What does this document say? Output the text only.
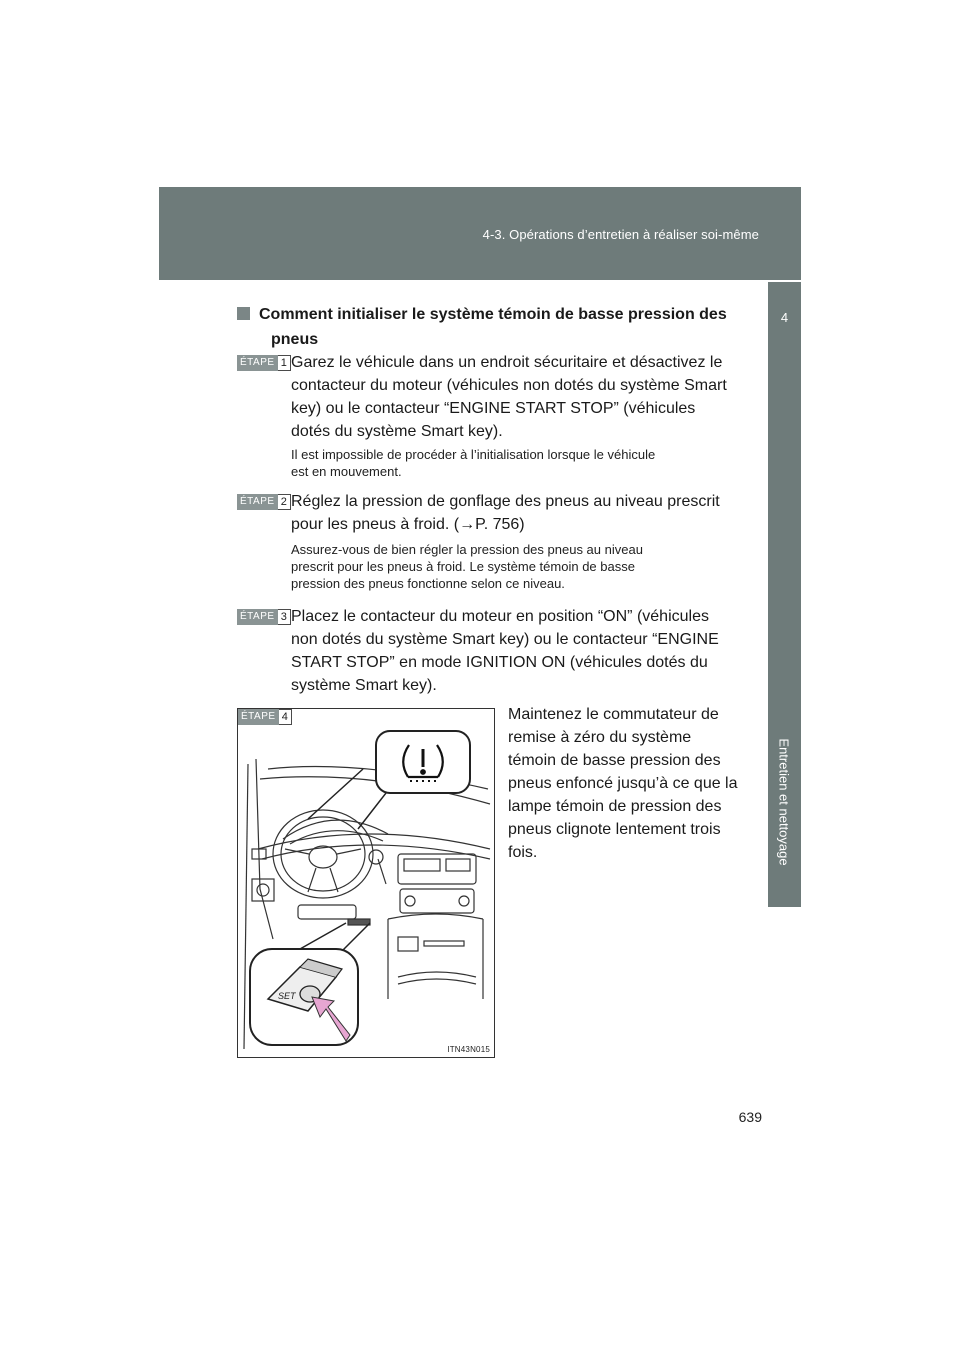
4-3. Opérations d’entretien à réaliser soi-même
4
Entretien et nettoyage
Comment initialiser le système témoin de basse pression des
pneus
ÉTAPE 1 Garez le véhicule dans un endroit sécuritaire et désactivez le
contacteur du moteur (véhicules non dotés du système Smart
key) ou le contacteur “ENGINE START STOP” (véhicules
dotés du système Smart key).
Il est impossible de procéder à l’initialisation lorsque le véhicule
est en mouvement.
ÉTAPE 2 Réglez la pression de gonflage des pneus au niveau prescrit
pour les pneus à froid. (→P. 756)
Assurez-vous de bien régler la pression des pneus au niveau
prescrit pour les pneus à froid. Le système témoin de basse
pression des pneus fonctionne selon ce niveau.
ÉTAPE 3 Placez le contacteur du moteur en position “ON” (véhicules
non dotés du système Smart key) ou le contacteur “ENGINE
START STOP” en mode IGNITION ON (véhicules dotés du
système Smart key).
ÉTAPE 4
SET
ITN43N015
Maintenez le commutateur de
remise à zéro du système
témoin de basse pression des
pneus enfoncé jusqu’à ce que la
lampe témoin de pression des
pneus clignote lentement trois
fois.
639
